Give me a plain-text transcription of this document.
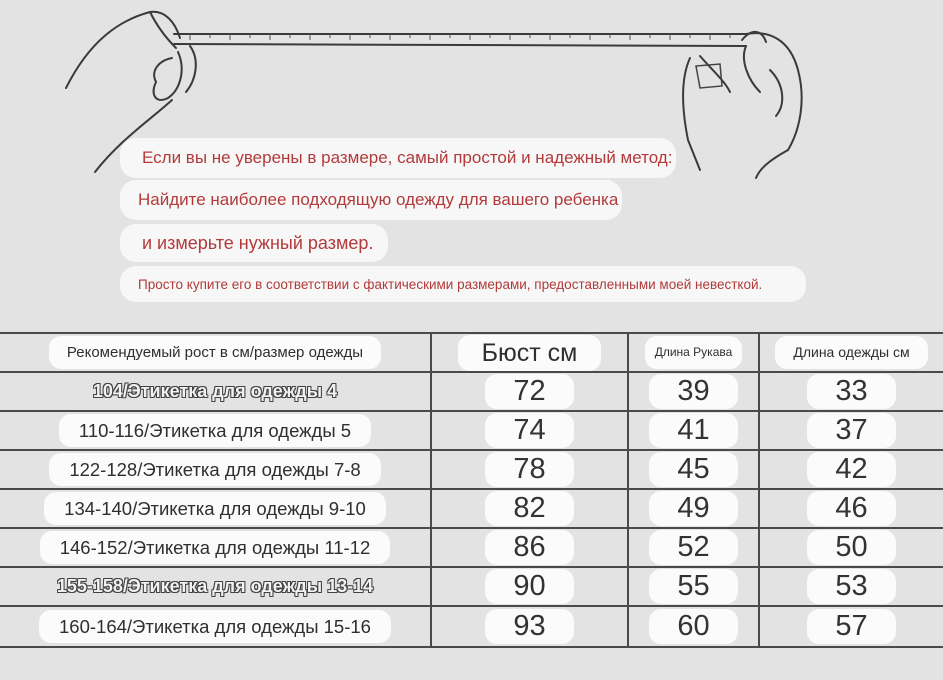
Если вы не уверены в размере, самый простой и надежный метод:
Найдите наиболее подходящую одежду для вашего ребенка
и измерьте нужный размер.
Просто купите его в соответствии с фактическими размерами, предоставленными моей невесткой.
Рекомендуемый рост в см/размер одежды	Бюст см	Длина Рукава	Длина одежды см
104/Этикетка для одежды 4	72	39	33
110-116/Этикетка для одежды 5	74	41	37
122-128/Этикетка для одежды 7-8	78	45	42
134-140/Этикетка для одежды 9-10	82	49	46
146-152/Этикетка для одежды 11-12	86	52	50
155-158/Этикетка для одежды 13-14	90	55	53
160-164/Этикетка для одежды 15-16	93	60	57
